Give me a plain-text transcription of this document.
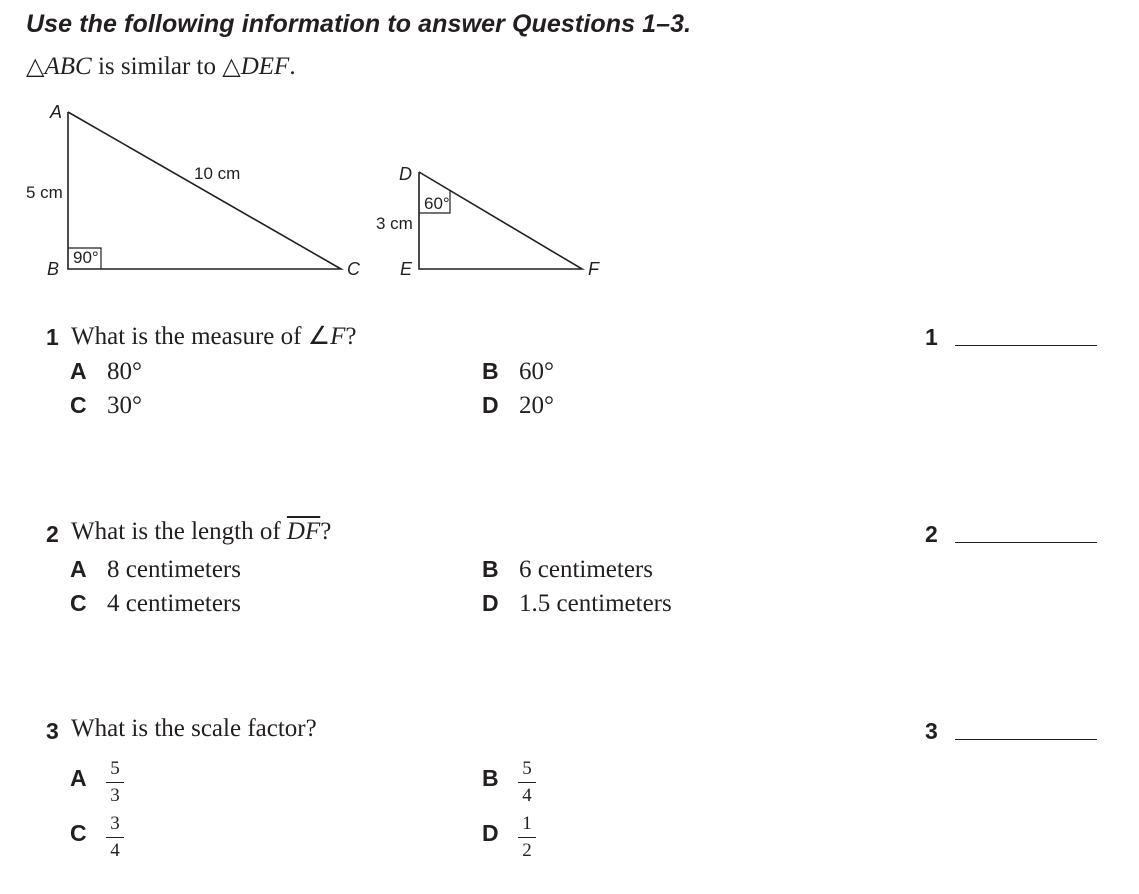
Use the following information to answer Questions 1–3.
△ABC is similar to △DEF.
A
B	C
5 cm
10 cm
90°
D
E	F
3 cm
60°
1 What is the measure of ∠F?	1
A 80°	B 60°
C 30°	D 20°
2 What is the length of $\overline{DF}$?	2
A 8 centimeters	B 6 centimeters
C 4 centimeters	D 1.5 centimeters
3 What is the scale factor?	3
A 5
3
B 5
4
C 3
4
D 1
2
